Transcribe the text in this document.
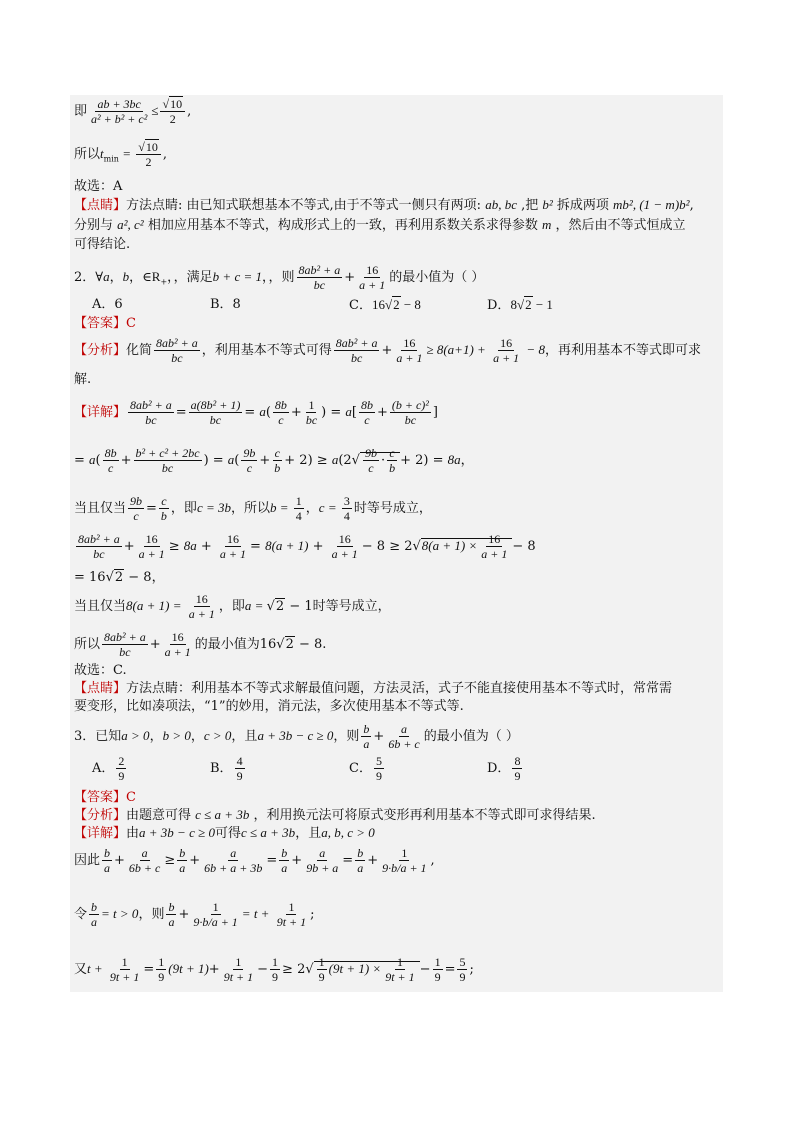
即 $\frac{ab + 3bc}{\text{a² + b² + c²}} \le \frac{√10}{2}$ ,
所以$t_{min} = \frac{√10}{2}$ ,
故选：A
【点睛】方法点睛: 由已知式联想基本不等式,由于不等式一侧只有两项: ab, bc ,把 b² 拆成两项 mb², (1 − m)b²,
分别与 a², c² 相加应用基本不等式，构成形式上的一致，再利用系数关系求得参数 m ，然后由不等式恒成立
可得结论.
2．∀a，b，$\in R_+$，，满足b + c = 1，，则 $\frac{\text{8ab² + a}}{bc} + \frac{16}{a + 1}$ 的最小值为（ ）
A．6	B．8	C．16√2 − 8	D．8√2 − 1
【答案】C
【分析】化简 $\frac{\text{8ab² + a}}{bc}$ ，利用基本不等式可得 $\frac{\text{8ab² + a}}{bc} + \frac{16}{a + 1} \ge 8(a+1) + \frac{16}{a + 1} - 8$，再利用基本不等式即可求
解.
【详解】 $\frac{\text{8ab² + a}}{bc} = \frac{\text{a(8b² + 1)}}{bc} = a( \frac{8b}{c} + \frac{1}{bc}$ ) = $a[ \frac{8b}{c} + \frac{\text{(b + c)²}}{bc}$ ]
= $a( \frac{8b}{c} + \frac{\text{b² + c² + 2bc}}{bc}$ ) = $a( \frac{9b}{c} + \frac{c}{b} + 2) \ge a(2√ \frac{9b}{c} \cdot \frac{c}{b} + 2) = 8a$，
当且仅当 $\frac{9b}{c} = \frac{c}{b}$ ，即c = 3b，所以$b = \frac{1}{4}$ ，$c = \frac{3}{4}$ 时等号成立，
$\frac{\text{8ab² + a}}{bc} + \frac{16}{a + 1} \ge 8a + \frac{16}{a + 1} = 8(a + 1) + \frac{16}{a + 1} - 8 \ge 2√8(a + 1) \times \frac{16}{a + 1} - 8$
= 16√2 − 8，
当且仅当$8(a + 1) = \frac{16}{a + 1}$ ，即a = √2 − 1时等号成立，
所以 $\frac{\text{8ab² + a}}{bc} + \frac{16}{a + 1}$ 的最小值为16√2 − 8.
故选：C.
【点睛】方法点睛：利用基本不等式求解最值问题，方法灵活，式子不能直接使用基本不等式时，常常需
要变形，比如凑项法，“1”的妙用，消元法，多次使用基本不等式等.
3．已知a > 0，b > 0，c > 0，且a + 3b − c ≥ 0，则 $\frac{b}{a} + \frac{a}{6b + c}$ 的最小值为（ ）
A． $\frac{2}{9}$	B． $\frac{4}{9}$	C． $\frac{5}{9}$	D． $\frac{8}{9}$
【答案】C
【分析】由题意可得 c ≤ a + 3b ，利用换元法可将原式变形再利用基本不等式即可求得结果.
【详解】由a + 3b − c ≥ 0可得c ≤ a + 3b，且a, b, c > 0
因此 $\frac{b}{a} + \frac{a}{6b + c} \ge \frac{b}{a} + \frac{a}{6b + a + 3b} = \frac{b}{a} + \frac{a}{9b + a} = \frac{b}{a} + \frac{1}{9\cdot b/a + 1}$ ,
令 $\frac{b}{a} = t > 0$，则 $\frac{b}{a} + \frac{1}{9\cdot b/a + 1} = t + \frac{1}{9t + 1}$ ;
又$t + \frac{1}{9t + 1} = \frac{1}{9} (9t + 1)+ \frac{1}{9t + 1} - \frac{1}{9} \ge 2√ \frac{1}{9} (9t + 1) \times \frac{1}{9t + 1} - \frac{1}{9} = \frac{5}{9}$ ;
